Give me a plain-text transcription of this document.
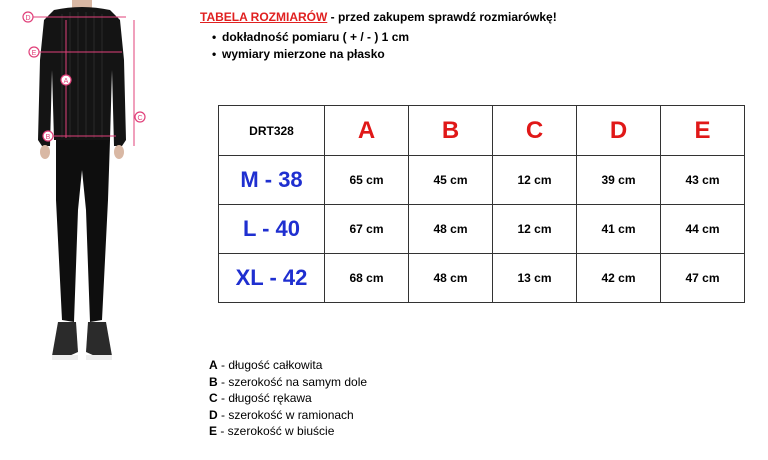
D
E
A
B
C
TABELA ROZMIARÓW - przed zakupem sprawdź rozmiarówkę!
• dokładność pomiaru ( + / - ) 1 cm
• wymiary mierzone na płasko
DRT328	A	B	C	D	E
M - 38	65 cm	45 cm	12 cm	39 cm	43 cm
L - 40	67 cm	48 cm	12 cm	41 cm	44 cm
XL - 42	68 cm	48 cm	13 cm	42 cm	47 cm
A - długość całkowita
B - szerokość na samym dole
C - długość rękawa
D - szerokość w ramionach
E - szerokość w biuście
